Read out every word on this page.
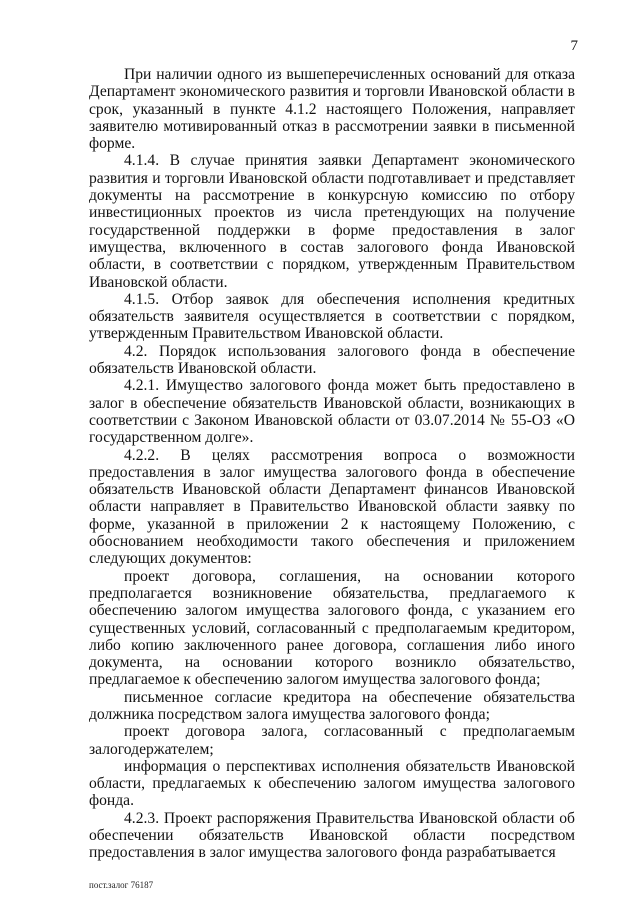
7

При наличии одного из вышеперечисленных оснований для отказа Департамент экономического развития и торговли Ивановской области в срок, указанный в пункте 4.1.2 настоящего Положения, направляет заявителю мотивированный отказ в рассмотрении заявки в письменной форме.

4.1.4. В случае принятия заявки Департамент экономического развития и торговли Ивановской области подготавливает и представляет документы на рассмотрение в конкурсную комиссию по отбору инвестиционных проектов из числа претендующих на получение государственной поддержки в форме предоставления в залог имущества, включенного в состав залогового фонда Ивановской области, в соответствии с порядком, утвержденным Правительством Ивановской области.

4.1.5. Отбор заявок для обеспечения исполнения кредитных обязательств заявителя осуществляется в соответствии с порядком, утвержденным Правительством Ивановской области.

4.2. Порядок использования залогового фонда в обеспечение обязательств Ивановской области.

4.2.1. Имущество залогового фонда может быть предоставлено в залог в обеспечение обязательств Ивановской области, возникающих в соответствии с Законом Ивановской области от 03.07.2014 № 55-ОЗ «О государственном долге».

4.2.2. В целях рассмотрения вопроса о возможности предоставления в залог имущества залогового фонда в обеспечение обязательств Ивановской области Департамент финансов Ивановской области направляет в Правительство Ивановской области заявку по форме, указанной в приложении 2 к настоящему Положению, с обоснованием необходимости такого обеспечения и приложением следующих документов:

проект договора, соглашения, на основании которого предполагается возникновение обязательства, предлагаемого к обеспечению залогом имущества залогового фонда, с указанием его существенных условий, согласованный с предполагаемым кредитором, либо копию заключенного ранее договора, соглашения либо иного документа, на основании которого возникло обязательство, предлагаемое к обеспечению залогом имущества залогового фонда;

письменное согласие кредитора на обеспечение обязательства должника посредством залога имущества залогового фонда;

проект договора залога, согласованный с предполагаемым залогодержателем;

информация о перспективах исполнения обязательств Ивановской области, предлагаемых к обеспечению залогом имущества залогового фонда.

4.2.3. Проект распоряжения Правительства Ивановской области об обеспечении обязательств Ивановской области посредством предоставления в залог имущества залогового фонда разрабатывается

пост.залог 76187
